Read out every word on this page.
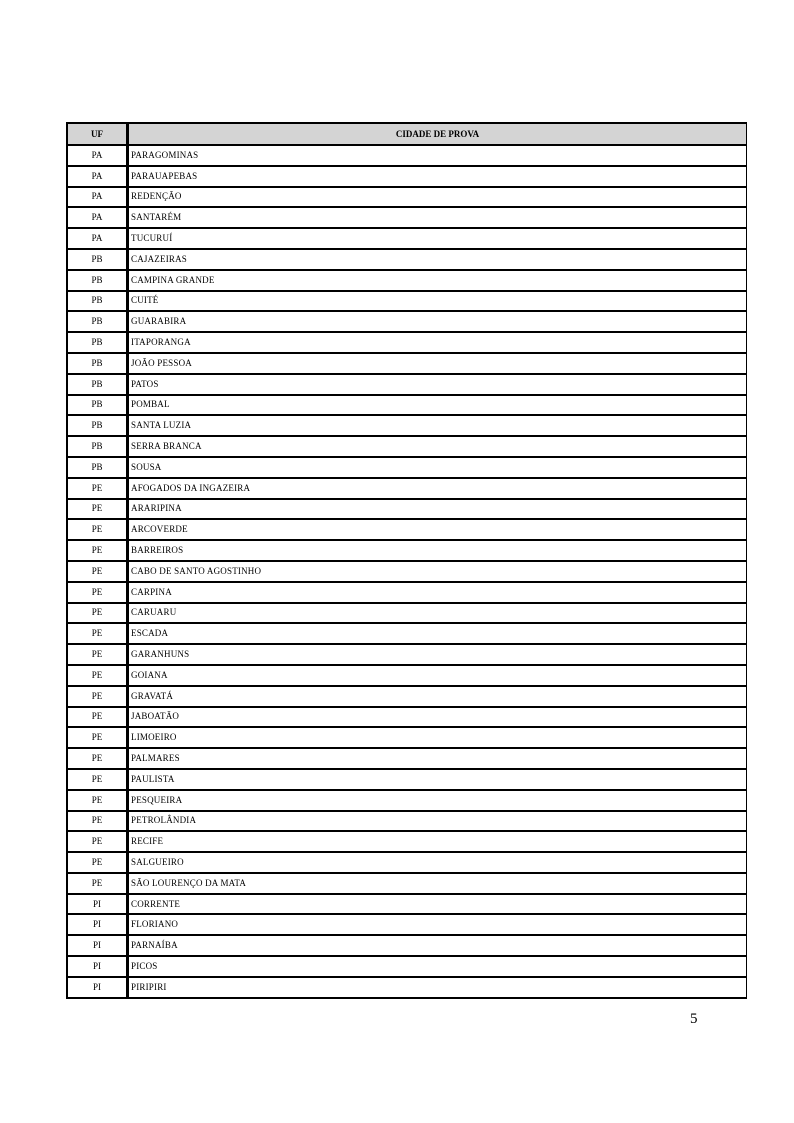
UF	CIDADE DE PROVA
PA	PARAGOMINAS
PA	PARAUAPEBAS
PA	REDENÇÃO
PA	SANTARÉM
PA	TUCURUÍ
PB	CAJAZEIRAS
PB	CAMPINA GRANDE
PB	CUITÉ
PB	GUARABIRA
PB	ITAPORANGA
PB	JOÃO PESSOA
PB	PATOS
PB	POMBAL
PB	SANTA LUZIA
PB	SERRA BRANCA
PB	SOUSA
PE	AFOGADOS DA INGAZEIRA
PE	ARARIPINA
PE	ARCOVERDE
PE	BARREIROS
PE	CABO DE SANTO AGOSTINHO
PE	CARPINA
PE	CARUARU
PE	ESCADA
PE	GARANHUNS
PE	GOIANA
PE	GRAVATÁ
PE	JABOATÃO
PE	LIMOEIRO
PE	PALMARES
PE	PAULISTA
PE	PESQUEIRA
PE	PETROLÂNDIA
PE	RECIFE
PE	SALGUEIRO
PE	SÃO LOURENÇO DA MATA
PI	CORRENTE
PI	FLORIANO
PI	PARNAÍBA
PI	PICOS
PI	PIRIPIRI
5
